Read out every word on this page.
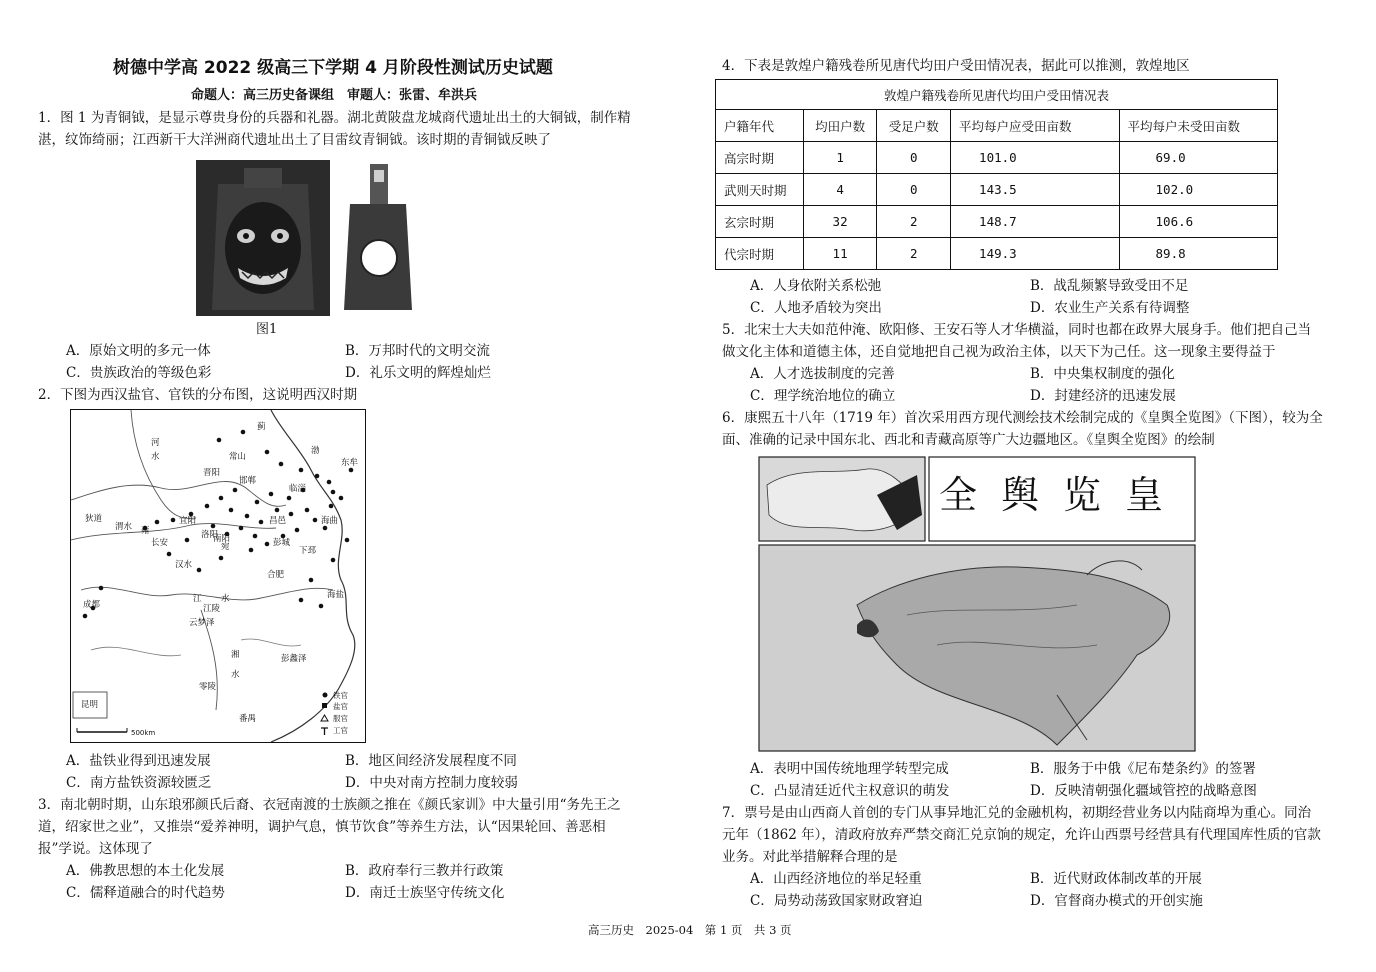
树德中学高 2022 级高三下学期 4 月阶段性测试历史试题
命题人：高三历史备课组　审题人：张雷、牟洪兵
1．图 1 为青铜钺，是显示尊贵身份的兵器和礼器。湖北黄陂盘龙城商代遗址出土的大铜钺，制作精
湛，纹饰绮丽；江西新干大洋洲商代遗址出土了目雷纹青铜钺。该时期的青铜钺反映了
图1
A．原始文明的多元一体	B．万邦时代的文明交流
C．贵族政治的等级色彩	D．礼乐文明的辉煌灿烂
2．下图为西汉盐官、官铁的分布图，这说明西汉时期
河
水
蓟
渤
常山
东牟
晋阳
邯郸
临淄
狄道
渭水 雍
长安
宜阳
洛阳
南阳
宛
昌邑
彭城
下邳
海曲
汉水
合肥
江 水
江陵
云梦泽
成都
彭蠡泽
海盐
湘
水
零陵
番禺
昆明
铁官
盐官
服官
工官
500km
A．盐铁业得到迅速发展	B．地区间经济发展程度不同
C．南方盐铁资源较匮乏	D．中央对南方控制力度较弱
3．南北朝时期，山东琅邪颜氏后裔、衣冠南渡的士族颜之推在《颜氏家训》中大量引用“务先王之
道，绍家世之业”，又推崇“爱养神明，调护气息，慎节饮食”等养生方法，认“因果轮回、善恶相
报”学说。这体现了
A．佛教思想的本土化发展	B．政府奉行三教并行政策
C．儒释道融合的时代趋势	D．南迁士族坚守传统文化
4．下表是敦煌户籍残卷所见唐代均田户受田情况表，据此可以推测，敦煌地区
敦煌户籍残卷所见唐代均田户受田情况表				
户籍年代	均田户数	受足户数	平均每户应受田亩数	平均每户未受田亩数
高宗时期	1	0	101.0	69.0
武则天时期	4	0	143.5	102.0
玄宗时期	32	2	148.7	106.6
代宗时期	11	2	149.3	89.8
A．人身依附关系松弛	B．战乱频繁导致受田不足
C．人地矛盾较为突出	D．农业生产关系有待调整
5．北宋士大夫如范仲淹、欧阳修、王安石等人才华横溢，同时也都在政界大展身手。他们把自己当
做文化主体和道德主体，还自觉地把自己视为政治主体，以天下为己任。这一现象主要得益于
A．人才选拔制度的完善	B．中央集权制度的强化
C．理学统治地位的确立	D．封建经济的迅速发展
6．康熙五十八年（1719 年）首次采用西方现代测绘技术绘制完成的《皇舆全览图》（下图），较为全
面、准确的记录中国东北、西北和青藏高原等广大边疆地区。《皇舆全览图》的绘制
全 舆 览 皇
A．表明中国传统地理学转型完成	B．服务于中俄《尼布楚条约》的签署
C．凸显清廷近代主权意识的萌发	D．反映清朝强化疆域管控的战略意图
7．票号是由山西商人首创的专门从事异地汇兑的金融机构，初期经营业务以内陆商埠为重心。同治
元年（1862 年），清政府放弃严禁交商汇兑京饷的规定，允许山西票号经营具有代理国库性质的官款
业务。对此举措解释合理的是
A．山西经济地位的举足轻重	B．近代财政体制改革的开展
C．局势动荡致国家财政窘迫	D．官督商办模式的开创实施
高三历史　2025-04　第 1 页　共 3 页
